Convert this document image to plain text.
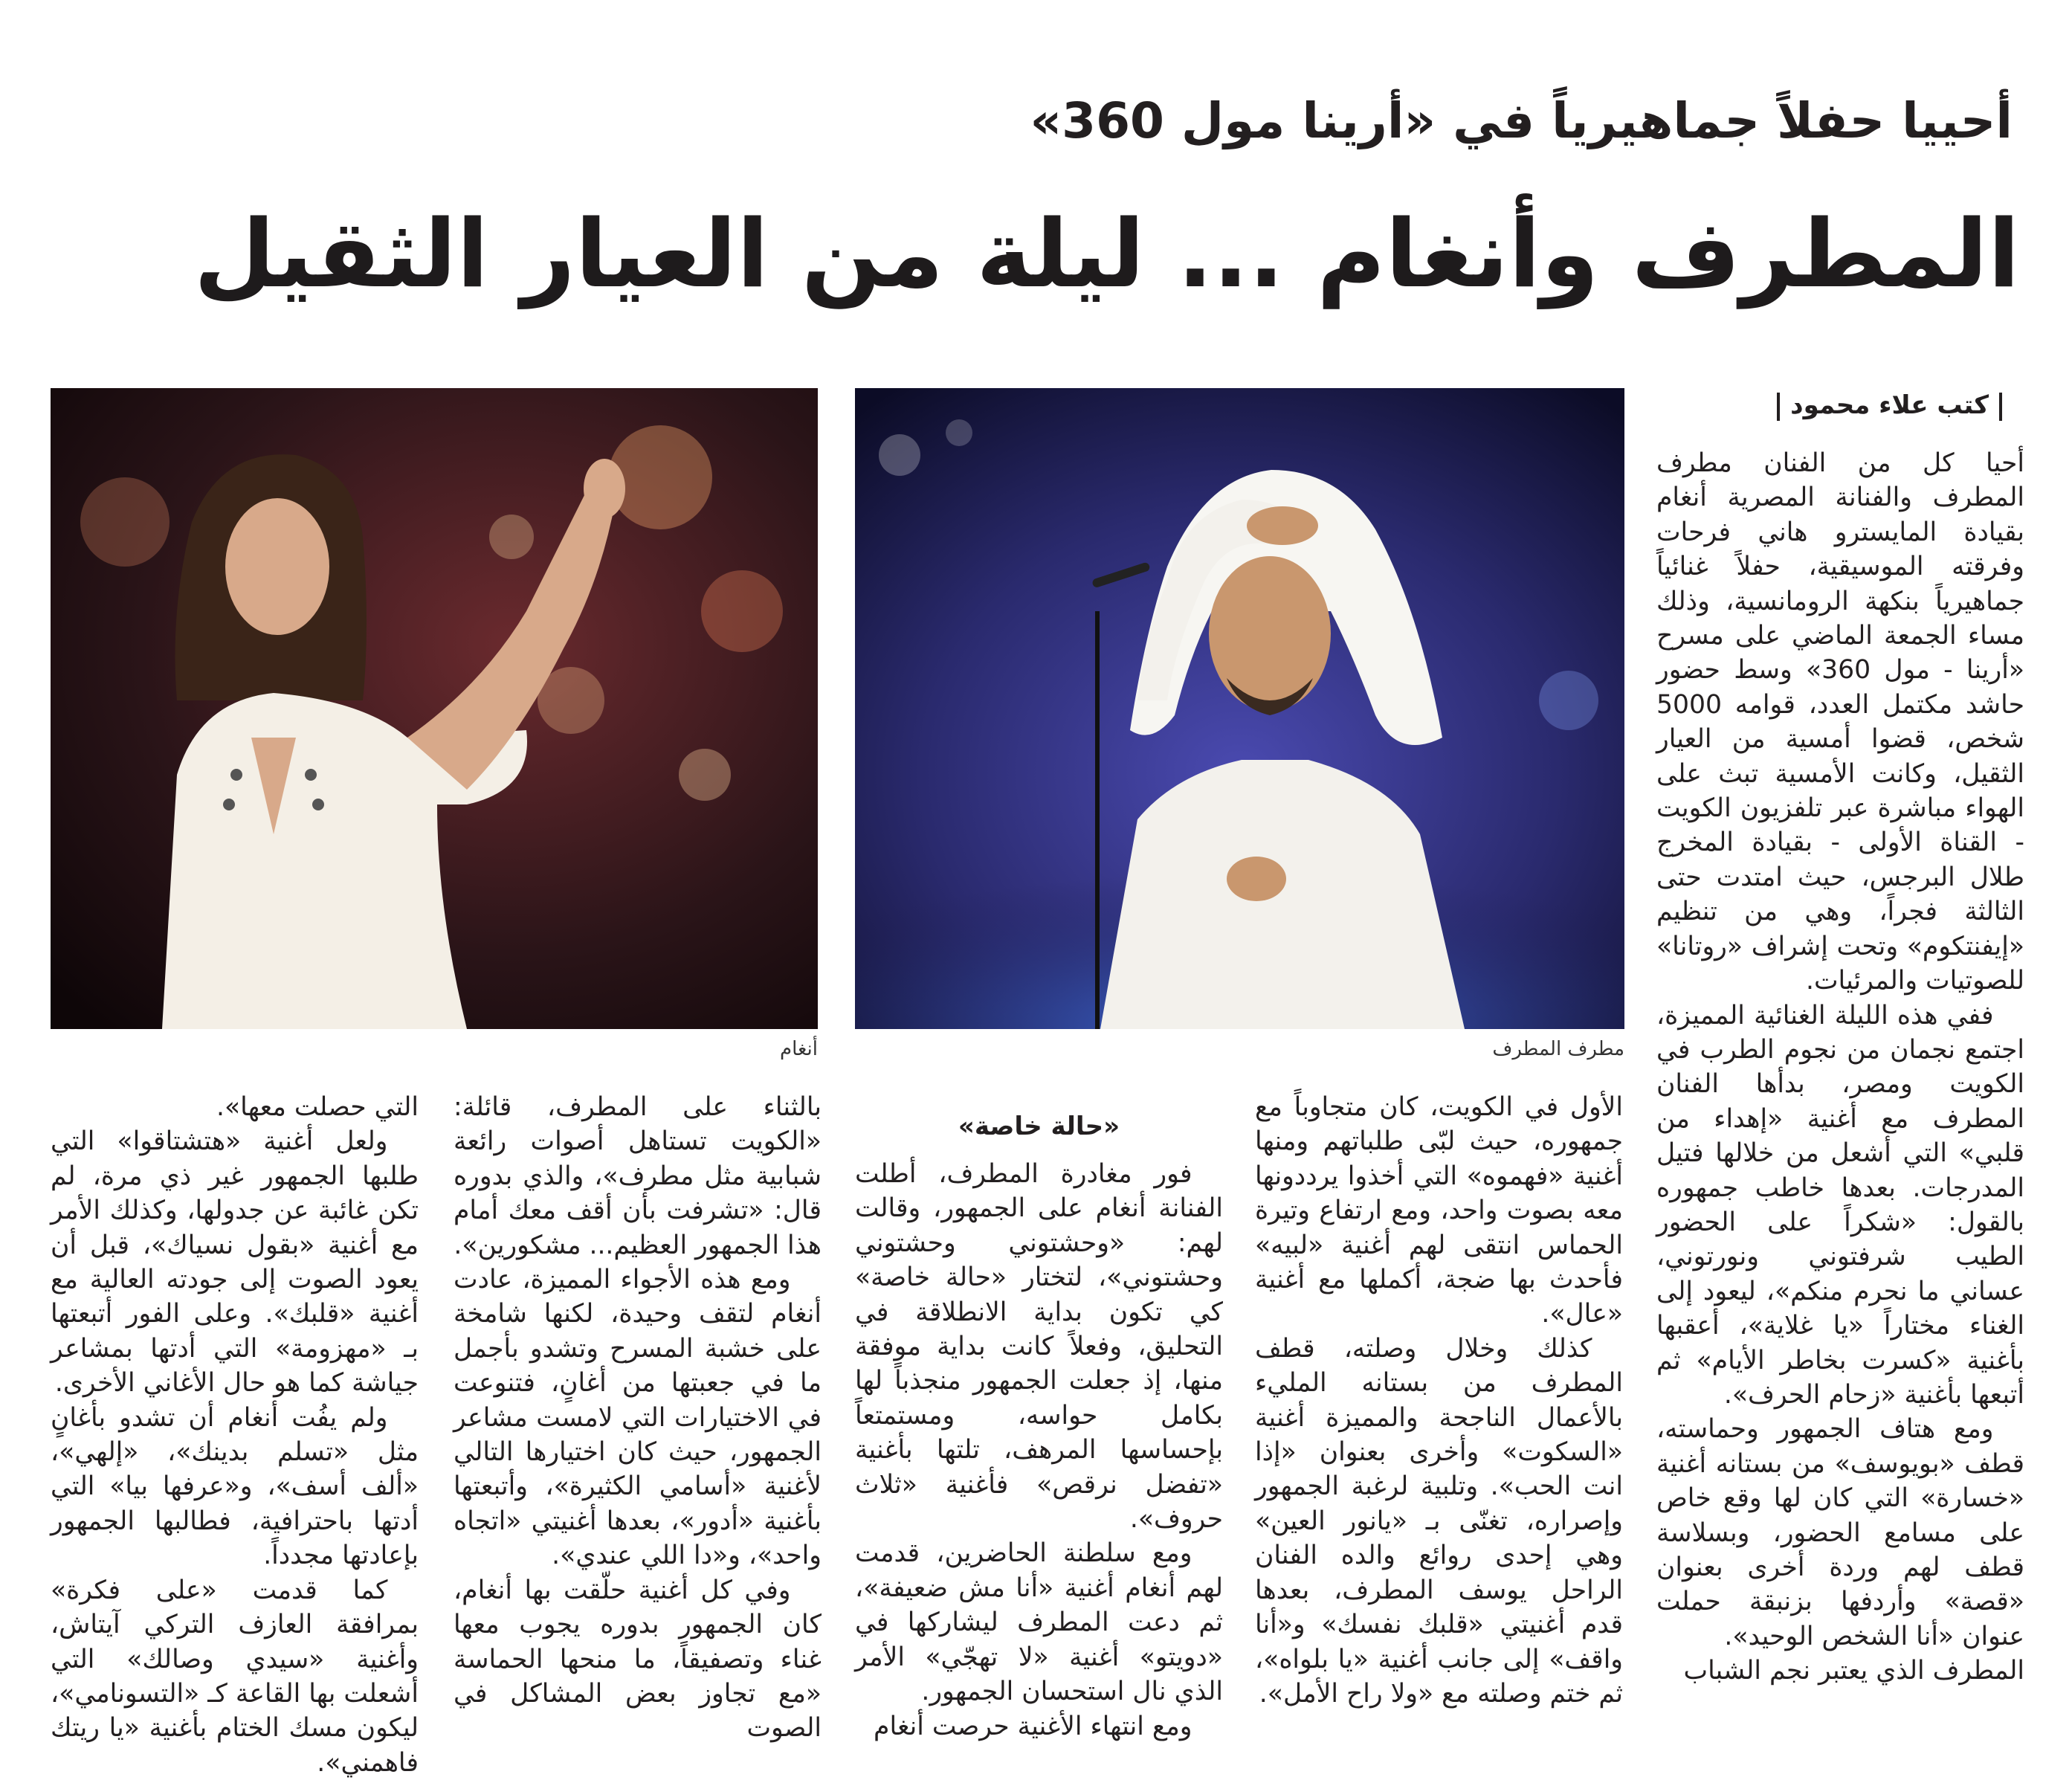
أحييا حفلاً جماهيرياً في «أرينا مول 360»
المطرف وأنغام ... ليلة من العيار الثقيل
كتب علاء محمود
مطرف المطرف
أنغام

أحيا كل من الفنان مطرف المطرف والفنانة المصرية أنغام بقيادة المايسترو هاني فرحات وفرقته الموسيقية، حفلاً غنائياً جماهيرياً بنكهة الرومانسية، وذلك مساء الجمعة الماضي على مسرح «أرينا - مول 360» وسط حضور حاشد مكتمل العدد، قوامه 5000 شخص، قضوا أمسية من العيار الثقيل، وكانت الأمسية تبث على الهواء مباشرة عبر تلفزيون الكويت - القناة الأولى - بقيادة المخرج طلال البرجس، حيث امتدت حتى الثالثة فجراً، وهي من تنظيم «إيفنتكوم» وتحت إشراف «روتانا» للصوتيات والمرئيات.

ففي هذه الليلة الغنائية المميزة، اجتمع نجمان من نجوم الطرب في الكويت ومصر، بدأها الفنان المطرف مع أغنية «إهداء من قلبي» التي أشعل من خلالها فتيل المدرجات. بعدها خاطب جمهوره بالقول: «شكراً على الحضور الطيب شرفتوني ونورتوني، عساني ما نحرم منكم»، ليعود إلى الغناء مختاراً «يا غلاية»، أعقبها بأغنية «كسرت بخاطر الأيام» ثم أتبعها بأغنية «زحام الحرف».

ومع هتاف الجمهور وحماسته، قطف «بويوسف» من بستانه أغنية «خسارة» التي كان لها وقع خاص على مسامع الحضور، وبسلاسة قطف لهم وردة أخرى بعنوان «قصة» وأردفها بزنبقة حملت عنوان «أنا الشخص الوحيد».

المطرف الذي يعتبر نجم الشباب

الأول في الكويت، كان متجاوباً مع جمهوره، حيث لبّى طلباتهم ومنها أغنية «فهموه» التي أخذوا يرددونها معه بصوت واحد، ومع ارتفاع وتيرة الحماس انتقى لهم أغنية «لبيه» فأحدث بها ضجة، أكملها مع أغنية «عال».

كذلك وخلال وصلته، قطف المطرف من بستانه المليء بالأعمال الناجحة والمميزة أغنية «السكوت» وأخرى بعنوان «إذا انت الحب». وتلبية لرغبة الجمهور وإصراره، تغنّى بـ «يانور العين» وهي إحدى روائع والده الفنان الراحل يوسف المطرف، بعدها قدم أغنيتي «قلبك نفسك» و«أنا واقف» إلى جانب أغنية «يا بلواه»، ثم ختم وصلته مع «ولا راح الأمل».

«حالة خاصة»

فور مغادرة المطرف، أطلت الفنانة أنغام على الجمهور، وقالت لهم: «وحشتوني وحشتوني وحشتوني»، لتختار «حالة خاصة» كي تكون بداية الانطلاقة في التحليق، وفعلاً كانت بداية موفقة منها، إذ جعلت الجمهور منجذباً لها بكامل حواسه، ومستمتعاً بإحساسها المرهف، تلتها بأغنية «تفضل نرقص» فأغنية «ثلاث حروف».

ومع سلطنة الحاضرين، قدمت لهم أنغام أغنية «أنا مش ضعيفة»، ثم دعت المطرف ليشاركها في «دويتو» أغنية «لا تهجّي» الأمر الذي نال استحسان الجمهور.

ومع انتهاء الأغنية حرصت أنغام

بالثناء على المطرف، قائلة: «الكويت تستاهل أصوات رائعة شبابية مثل مطرف»، والذي بدوره قال: «تشرفت بأن أقف معك أمام هذا الجمهور العظيم... مشكورين».

ومع هذه الأجواء المميزة، عادت أنغام لتقف وحيدة، لكنها شامخة على خشبة المسرح وتشدو بأجمل ما في جعبتها من أغانٍ، فتنوعت في الاختيارات التي لامست مشاعر الجمهور، حيث كان اختيارها التالي لأغنية «أسامي الكثيرة»، وأتبعتها بأغنية «أدور»، بعدها أغنيتي «اتجاه واحد»، و«دا اللي عندي».

وفي كل أغنية حلّقت بها أنغام، كان الجمهور بدوره يجوب معها غناء وتصفيقاً، ما منحها الحماسة «مع تجاوز بعض المشاكل في الصوت

التي حصلت معها».

ولعل أغنية «هتشتاقوا» التي طلبها الجمهور غير ذي مرة، لم تكن غائبة عن جدولها، وكذلك الأمر مع أغنية «بقول نسياك»، قبل أن يعود الصوت إلى جودته العالية مع أغنية «قلبك». وعلى الفور أتبعتها بـ «مهزومة» التي أدتها بمشاعر جياشة كما هو حال الأغاني الأخرى.

ولم يفُت أنغام أن تشدو بأغانٍ مثل «تسلم بدينك»، «إلهي»، «ألف أسف»، و«عرفها بيا» التي أدتها باحترافية، فطالبها الجمهور بإعادتها مجدداً.

كما قدمت «على فكرة» بمرافقة العازف التركي آيتاش، وأغنية «سيدي وصالك» التي أشعلت بها القاعة كـ «التسونامي»، ليكون مسك الختام بأغنية «يا ريتك فاهمني».
